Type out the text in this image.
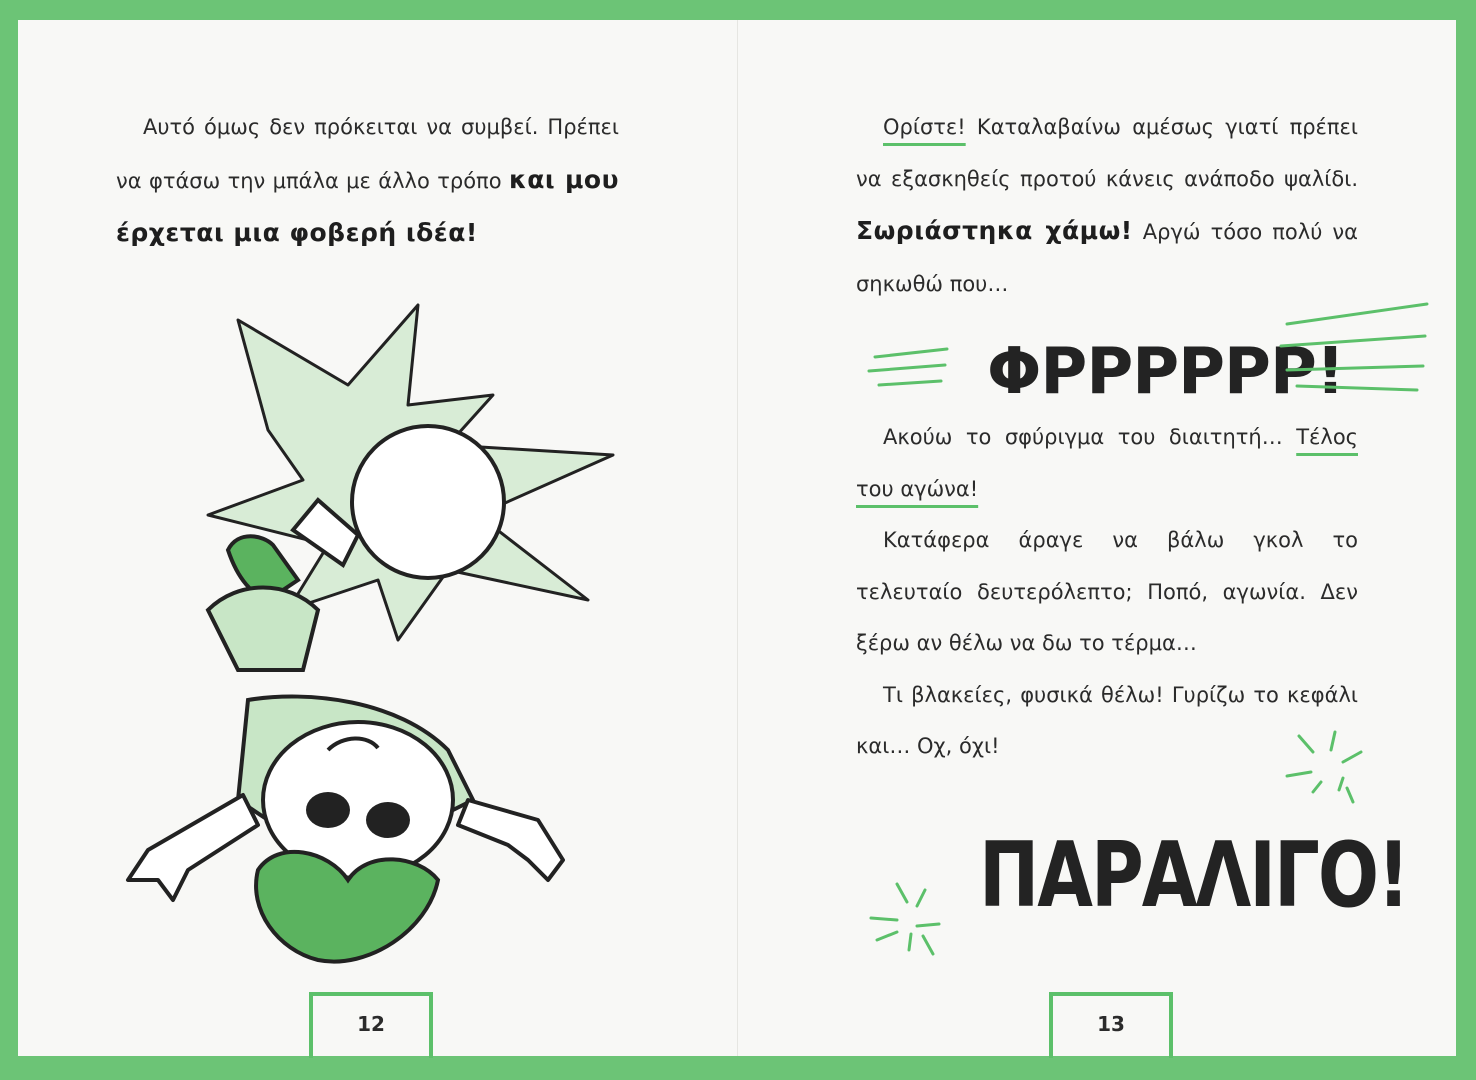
Αυτό όμως δεν πρόκειται να συμβεί. Πρέπει να φτάσω την μπάλα με άλλο τρόπο και μου έρχεται μια φοβερή ιδέα!

12

Ορίστε! Καταλαβαίνω αμέσως γιατί πρέπει να εξασκηθείς προτού κάνεις ανάποδο ψαλίδι. Σωριάστηκα χάμω! Αργώ τόσο πολύ να σηκωθώ που…

ΦΡΡΡΡΡΡ!

Ακούω το σφύριγμα του διαιτητή… Τέλος του αγώνα!

Κατάφερα άραγε να βάλω γκολ το τελευταίο δευτερόλεπτο; Ποπό, αγωνία. Δεν ξέρω αν θέλω να δω το τέρμα…

Τι βλακείες, φυσικά θέλω! Γυρίζω το κεφάλι και… Οχ, όχι!

ΠΑΡΑΛΙΓΟ!
13
